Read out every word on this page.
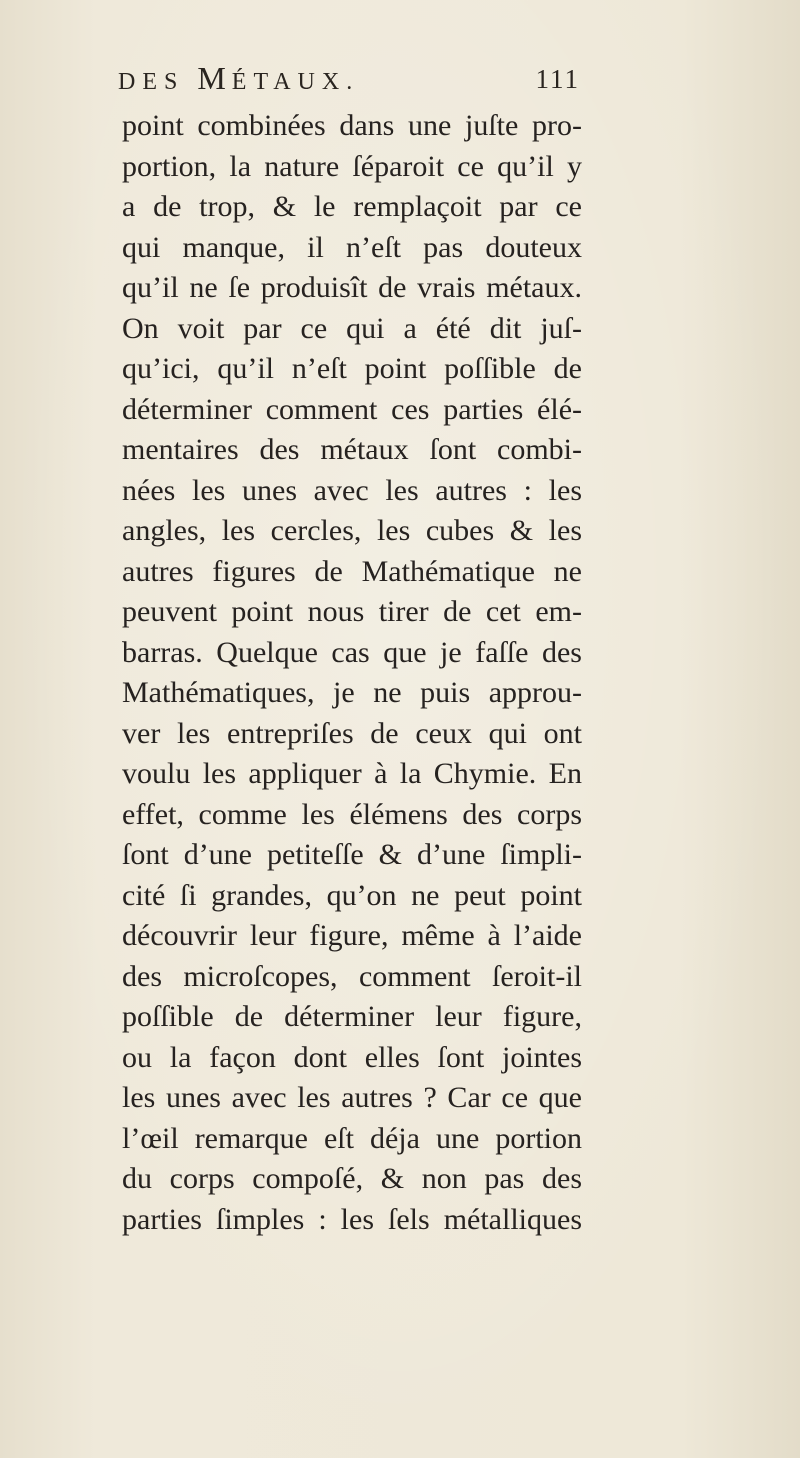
DES MÉTAUX.	111
point combinées dans une juſte pro-
portion, la nature ſéparoit ce qu’il y
a de trop, & le remplaçoit par ce
qui manque, il n’eſt pas douteux
qu’il ne ſe produisît de vrais métaux.
On voit par ce qui a été dit juſ-
qu’ici, qu’il n’eſt point poſſible de
déterminer comment ces parties élé-
mentaires des métaux ſont combi-
nées les unes avec les autres : les
angles, les cercles, les cubes & les
autres figures de Mathématique ne
peuvent point nous tirer de cet em-
barras. Quelque cas que je faſſe des
Mathématiques, je ne puis approu-
ver les entrepriſes de ceux qui ont
voulu les appliquer à la Chymie. En
effet, comme les élémens des corps
ſont d’une petiteſſe & d’une ſimpli-
cité ſi grandes, qu’on ne peut point
découvrir leur figure, même à l’aide
des microſcopes, comment ſeroit-il
poſſible de déterminer leur figure,
ou la façon dont elles ſont jointes
les unes avec les autres ? Car ce que
l’œil remarque eſt déja une portion
du corps compoſé, & non pas des
parties ſimples : les ſels métalliques
